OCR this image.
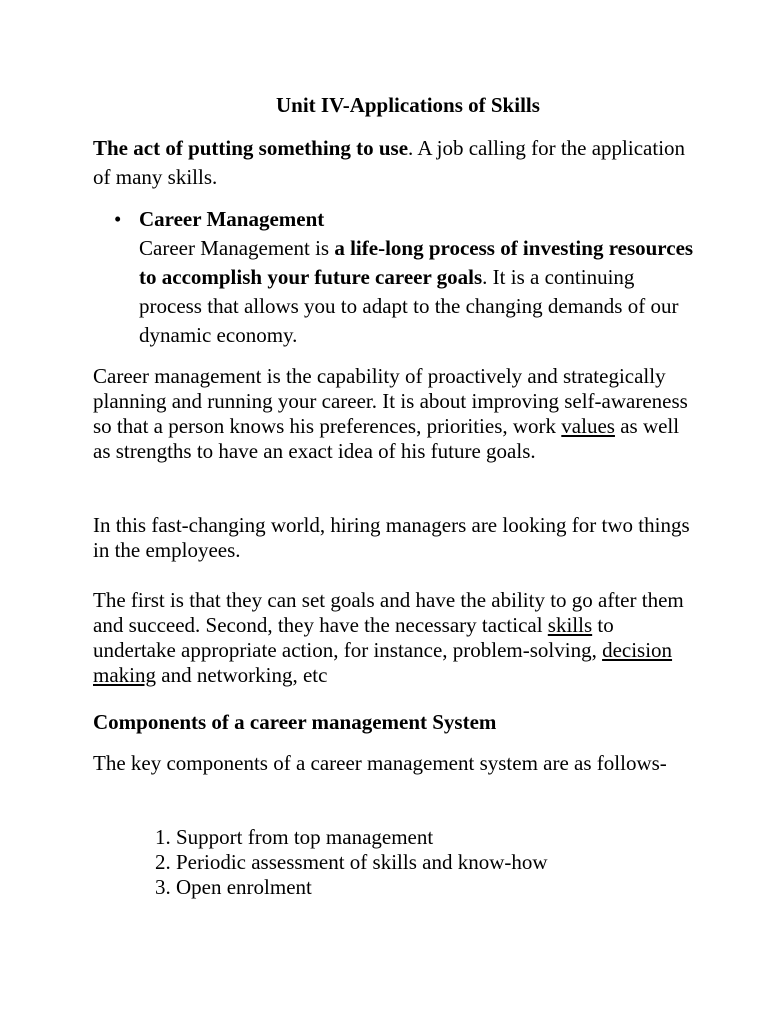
Unit IV-Applications of Skills
The act of putting something to use. A job calling for the application of many skills.
• Career Management
Career Management is a life-long process of investing resources to accomplish your future career goals. It is a continuing process that allows you to adapt to the changing demands of our dynamic economy.
Career management is the capability of proactively and strategically planning and running your career. It is about improving self-awareness so that a person knows his preferences, priorities, work values as well as strengths to have an exact idea of his future goals.
In this fast-changing world, hiring managers are looking for two things in the employees.
The first is that they can set goals and have the ability to go after them and succeed. Second, they have the necessary tactical skills to undertake appropriate action, for instance, problem-solving, decision making and networking, etc
Components of a career management System
The key components of a career management system are as follows-
1. Support from top management
2. Periodic assessment of skills and know-how
3. Open enrolment
